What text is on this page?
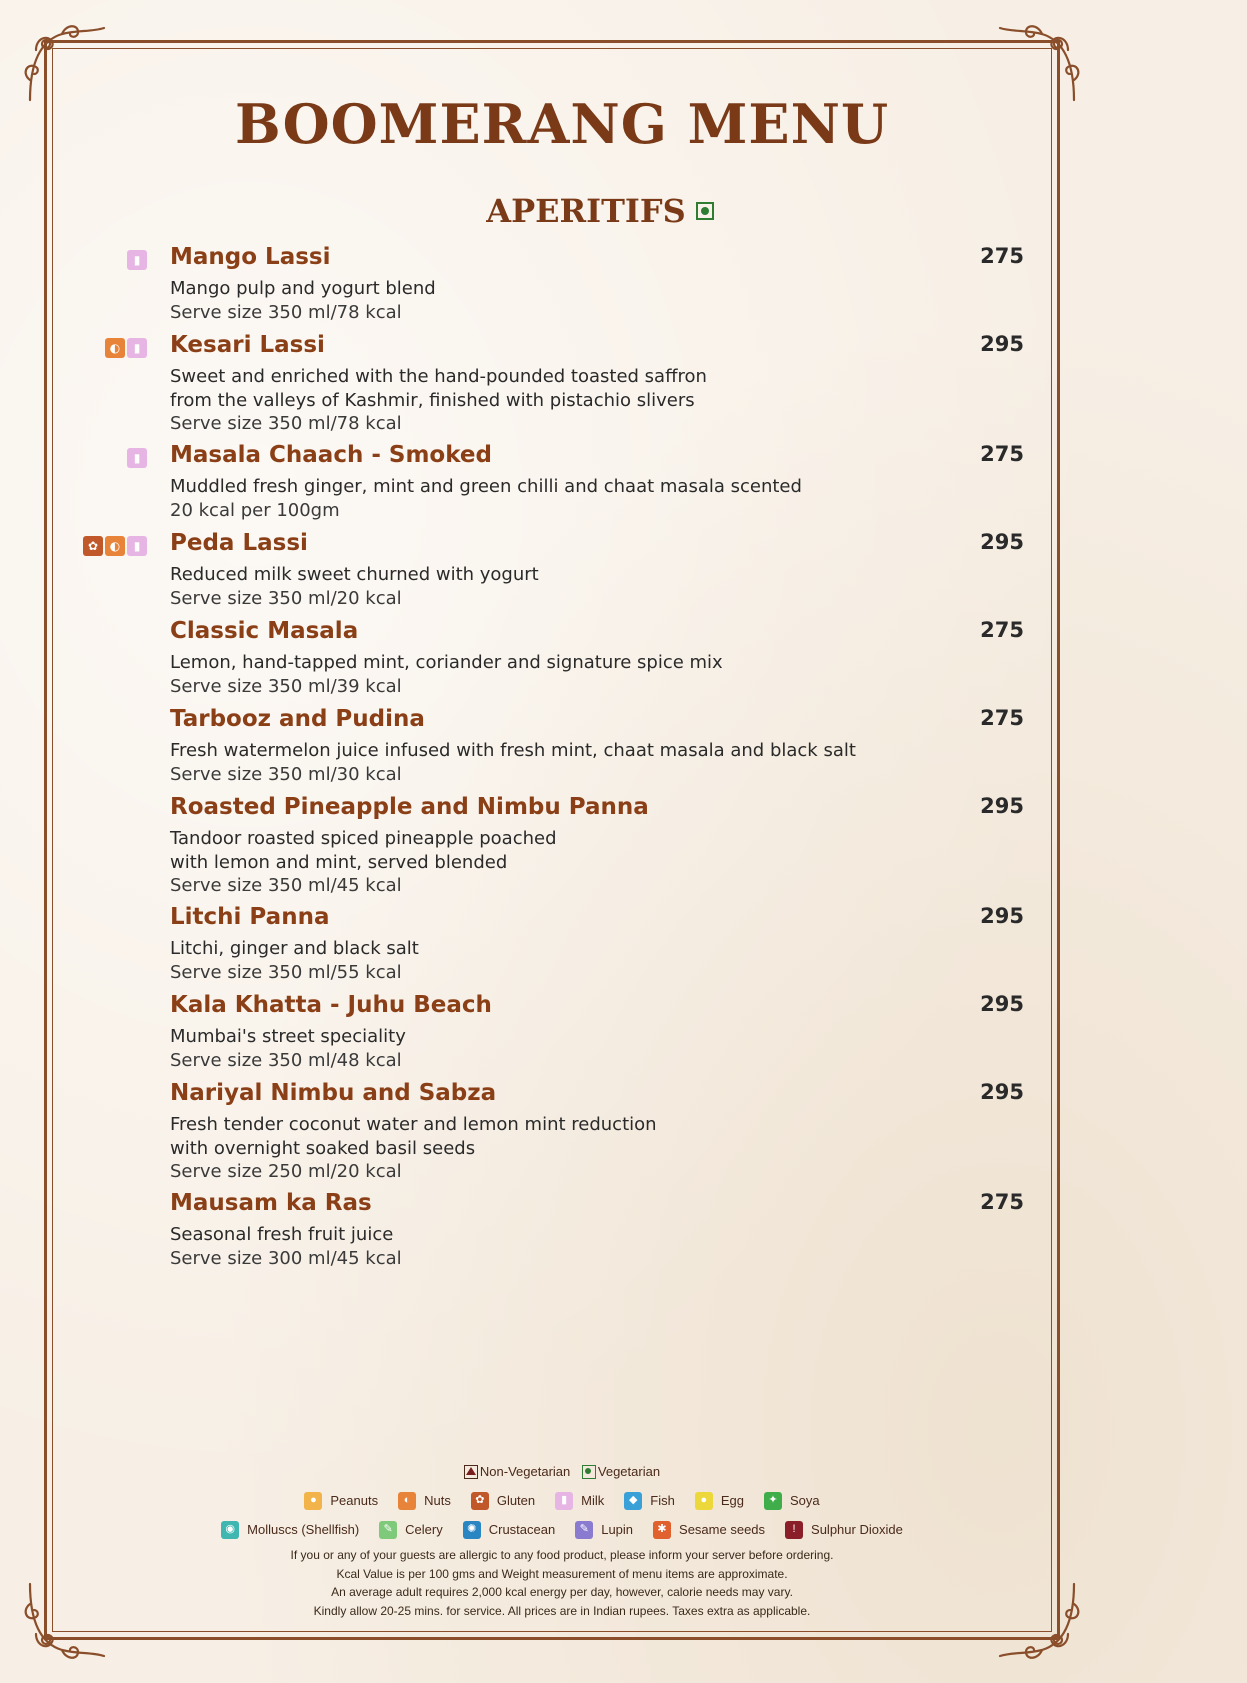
BOOMERANG MENU
APERITIFS
▮ Mango Lassi	275
Mango pulp and yogurt blend
Serve size 350 ml/78 kcal
◐	▮ Kesari Lassi	295
Sweet and enriched with the hand-pounded toasted saffron
from the valleys of Kashmir, finished with pistachio slivers
Serve size 350 ml/78 kcal
▮ Masala Chaach - Smoked	275
Muddled fresh ginger, mint and green chilli and chaat masala scented
20 kcal per 100gm
✿ ◐	▮ Peda Lassi	295
Reduced milk sweet churned with yogurt
Serve size 350 ml/20 kcal
Classic Masala	275
Lemon, hand-tapped mint, coriander and signature spice mix
Serve size 350 ml/39 kcal
Tarbooz and Pudina	275
Fresh watermelon juice infused with fresh mint, chaat masala and black salt
Serve size 350 ml/30 kcal
Roasted Pineapple and Nimbu Panna	295
Tandoor roasted spiced pineapple poached
with lemon and mint, served blended
Serve size 350 ml/45 kcal
Litchi Panna	295
Litchi, ginger and black salt
Serve size 350 ml/55 kcal
Kala Khatta - Juhu Beach	295
Mumbai's street speciality
Serve size 350 ml/48 kcal
Nariyal Nimbu and Sabza	295
Fresh tender coconut water and lemon mint reduction
with overnight soaked basil seeds
Serve size 250 ml/20 kcal
Mausam ka Ras	275
Seasonal fresh fruit juice
Serve size 300 ml/45 kcal
Non-Vegetarian
Vegetarian
●	Peanuts	◐	Nuts	✿ Gluten	▮	Milk	◆ Fish	●	Egg	✦ Soya
◉ Molluscs (Shellfish)	✎ Celery	✺ Crustacean	✎ Lupin	✱ Sesame seeds	!	Sulphur Dioxide
If you or any of your guests are allergic to any food product, please inform your server before ordering.
Kcal Value is per 100 gms and Weight measurement of menu items are approximate.
An average adult requires 2,000 kcal energy per day, however, calorie needs may vary.
Kindly allow 20-25 mins. for service. All prices are in Indian rupees. Taxes extra as applicable.
